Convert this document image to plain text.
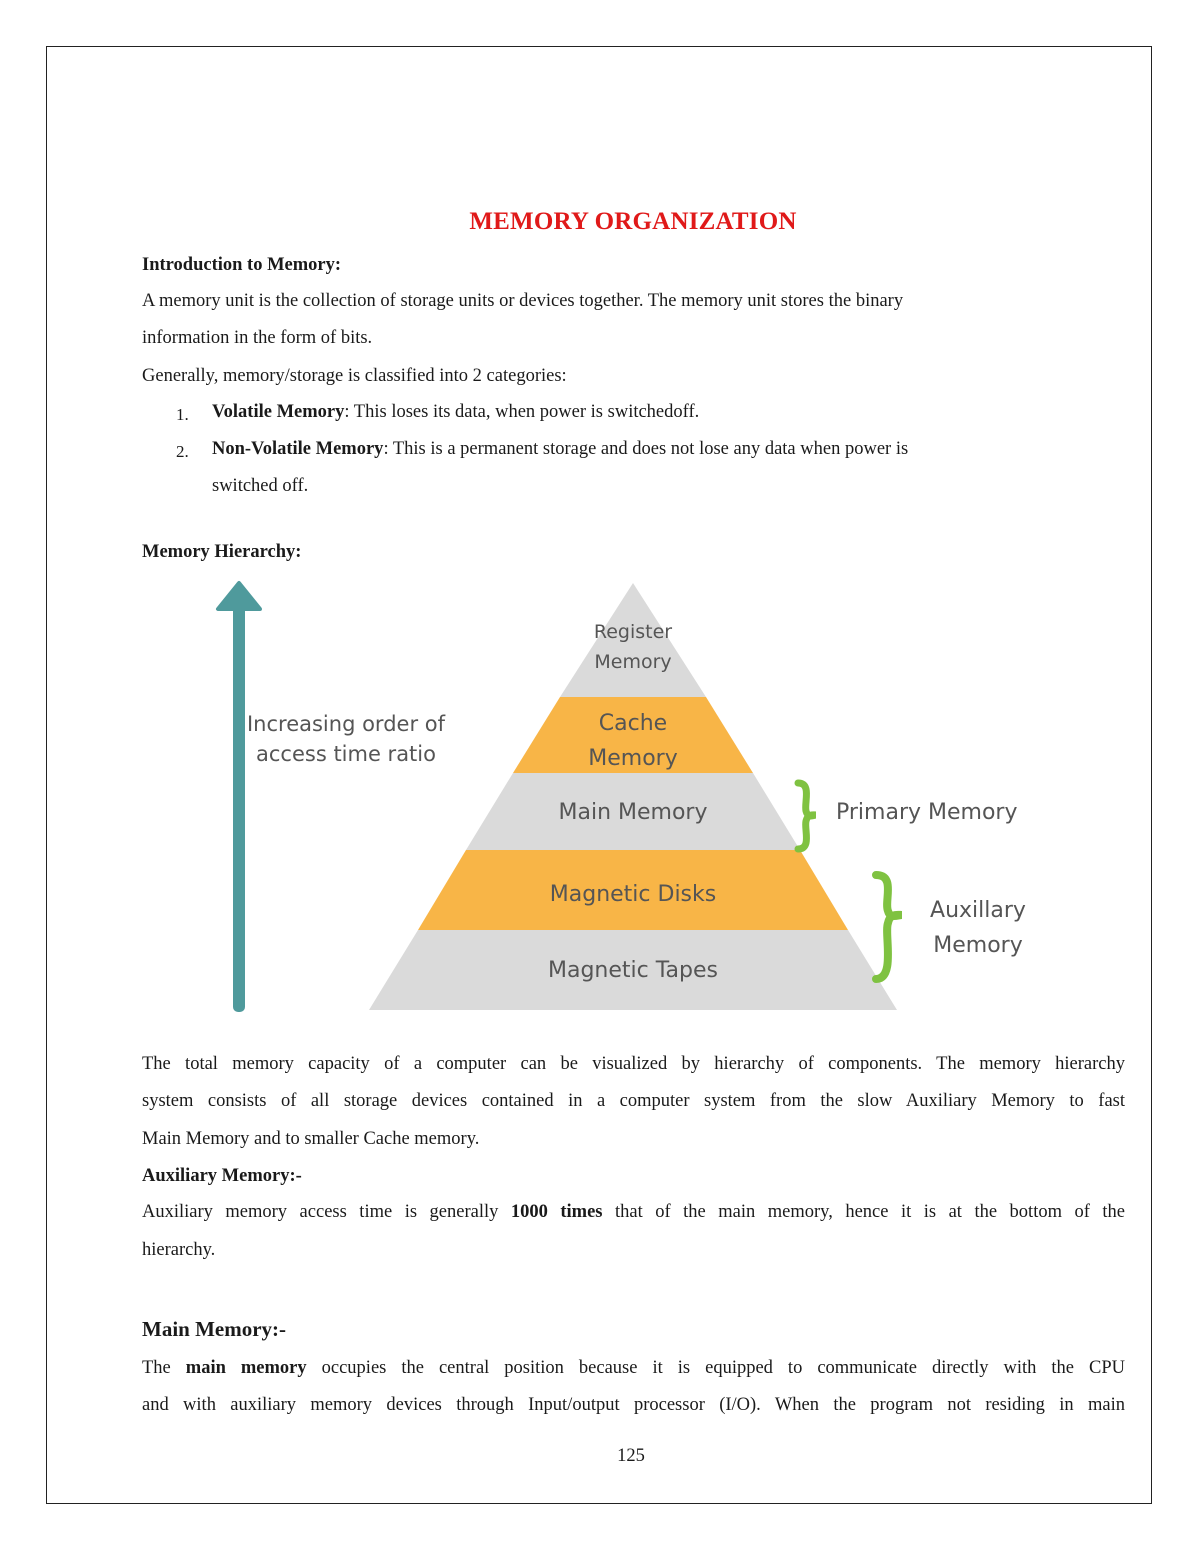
MEMORY ORGANIZATION
Introduction to Memory:
A memory unit is the collection of storage units or devices together. The memory unit stores the binary
information in the form of bits.
Generally, memory/storage is classified into 2 categories:
1. Volatile Memory: This loses its data, when power is switchedoff.
2. Non-Volatile Memory: This is a permanent storage and does not lose any data when power is
switched off.
Memory Hierarchy:
Increasing order of
access time ratio
Register
Memory
Cache
Memory
Main Memory
Magnetic Disks
Magnetic Tapes
Primary Memory
Auxillary
Memory
The total memory capacity of a computer can be visualized by hierarchy of components. The memory hierarchy
system consists of all storage devices contained in a computer system from the slow Auxiliary Memory to fast
Main Memory and to smaller Cache memory.
Auxiliary Memory:-
Auxiliary memory access time is generally 1000 times that of the main memory, hence it is at the bottom of the
hierarchy.
Main Memory:-
The main memory occupies the central position because it is equipped to communicate directly with the CPU
and with auxiliary memory devices through Input/output processor (I/O). When the program not residing in main
125
